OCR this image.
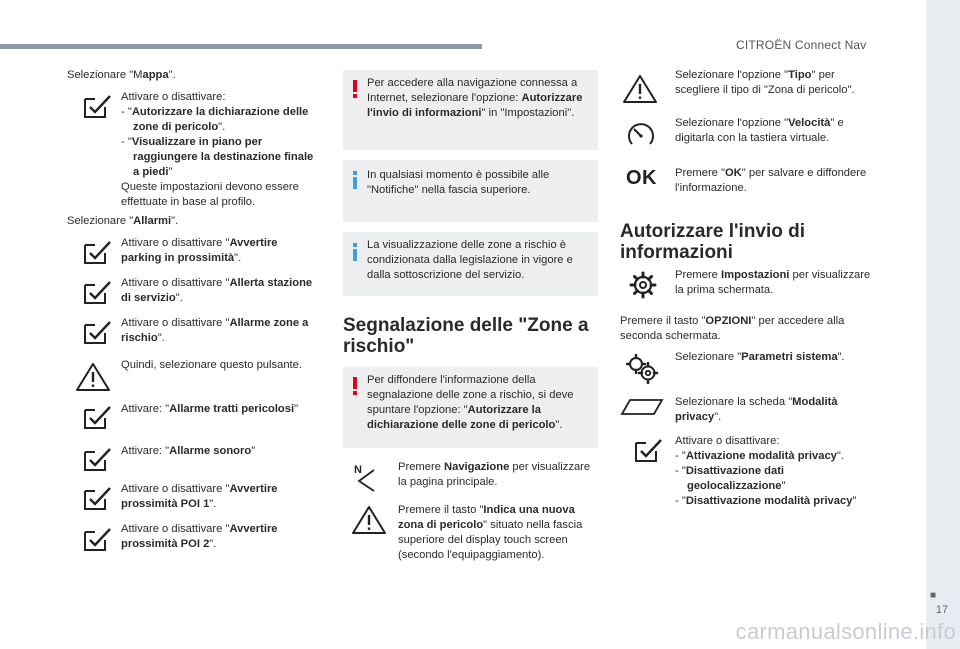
CITROËN Connect Nav
■
17
carmanualsonline.info
Selezionare "Mappa".
Attivare o disattivare:
- "Autorizzare la dichiarazione delle zone di pericolo".
- "Visualizzare in piano per raggiungere la destinazione finale a piedi"
Queste impostazioni devono essere effettuate in base al profilo.
Selezionare "Allarmi".
Attivare o disattivare "Avvertire parking in prossimità".
Attivare o disattivare "Allerta stazione di servizio".
Attivare o disattivare "Allarme zone a rischio".
Quindi, selezionare questo pulsante.
Attivare: "Allarme tratti pericolosi"
Attivare: "Allarme sonoro"
Attivare o disattivare "Avvertire prossimità POI 1".
Attivare o disattivare "Avvertire prossimità POI 2".
Per accedere alla navigazione connessa a Internet, selezionare l'opzione: Autorizzare l'invio di informazioni" in "Impostazioni".
In qualsiasi momento è possibile alle "Notifiche" nella fascia superiore.
La visualizzazione delle zone a rischio è condizionata dalla legislazione in vigore e dalla sottoscrizione del servizio.
Segnalazione delle "Zone a rischio"
Per diffondere l'informazione della segnalazione delle zone a rischio, si deve spuntare l'opzione: "Autorizzare la dichiarazione delle zone di pericolo".
N	Premere Navigazione per visualizzare la pagina principale.
Premere il tasto "Indica una nuova zona di pericolo" situato nella fascia superiore del display touch screen (secondo l'equipaggiamento).
Selezionare l'opzione "Tipo" per scegliere il tipo di "Zona di pericolo".
Selezionare l'opzione "Velocità" e digitarla con la tastiera virtuale.
OK Premere "OK" per salvare e diffondere l'informazione.
Autorizzare l'invio di informazioni
Premere Impostazioni per visualizzare la prima schermata.
Premere il tasto "OPZIONI" per accedere alla seconda schermata.
Selezionare "Parametri sistema".
Selezionare la scheda "Modalità privacy".
Attivare o disattivare:
- "Attivazione modalità privacy".
- "Disattivazione dati geolocalizzazione"
- "Disattivazione modalità privacy"
